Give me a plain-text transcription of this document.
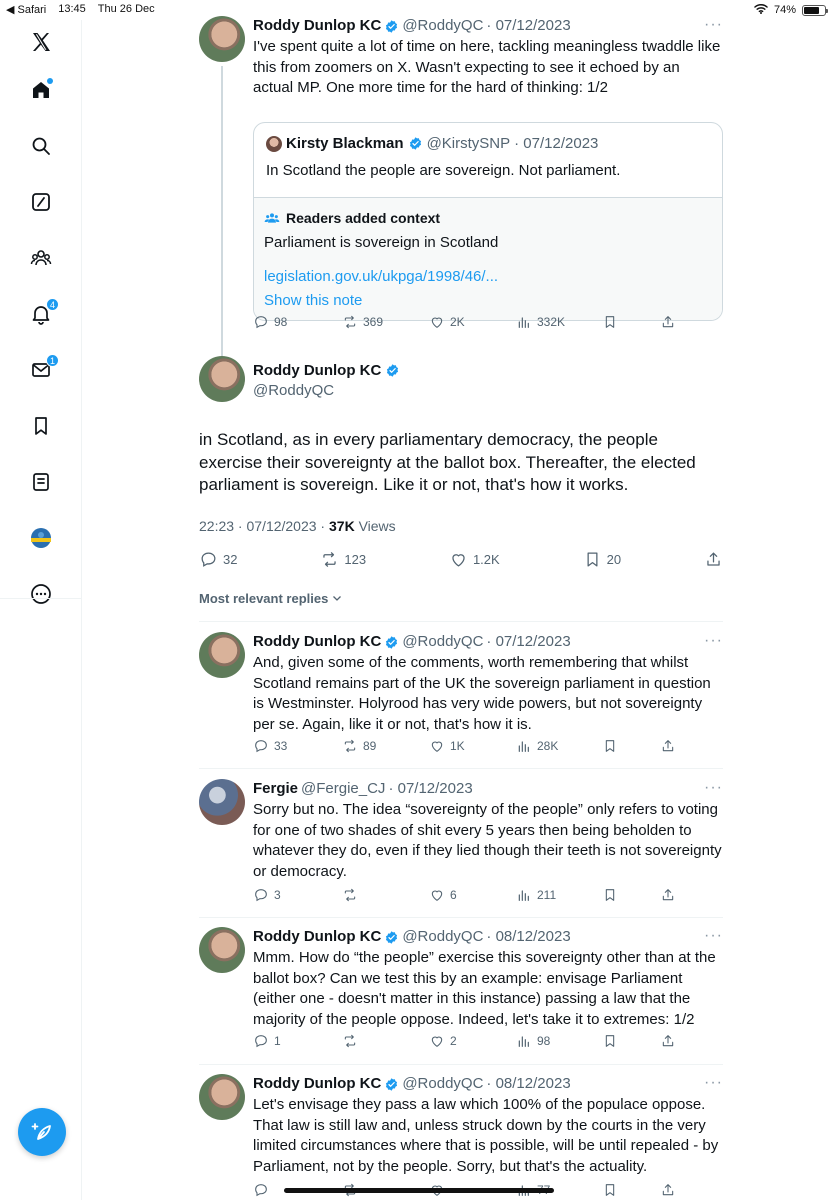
◀ Safari 13:45 Thu 26 Dec	74%
4
1
Roddy Dunlop KC @RoddyQC · 07/12/2023	···
I've spent quite a lot of time on here, tackling meaningless twaddle like this from zoomers on X. Wasn't expecting to see it echoed by an actual MP. One more time for the hard of thinking: 1/2
Kirsty Blackman @KirstySNP · 07/12/2023
In Scotland the people are sovereign. Not parliament.
Readers added context
Parliament is sovereign in Scotland
legislation.gov.uk/ukpga/1998/46/...
Show this note
98	369	2K	332K
Roddy Dunlop KC
@RoddyQC
in Scotland, as in every parliamentary democracy, the people exercise their sovereignty at the ballot box. Thereafter, the elected parliament is sovereign. Like it or not, that's how it works.
22:23 · 07/12/2023 · 37K Views
32	123	1.2K	20
Most relevant replies
Roddy Dunlop KC @RoddyQC · 07/12/2023	···
And, given some of the comments, worth remembering that whilst Scotland remains part of the UK the sovereign parliament in question is Westminster. Holyrood has very wide powers, but not sovereignty per se. Again, like it or not, that's how it is.
33	89	1K	28K
Fergie @Fergie_CJ · 07/12/2023	···
Sorry but no. The idea “sovereignty of the people” only refers to voting for one of two shades of shit every 5 years then being beholden to whatever they do, even if they lied though their teeth is not sovereignty or democracy.
3	6	211
Roddy Dunlop KC @RoddyQC · 08/12/2023	···
Mmm. How do “the people” exercise this sovereignty other than at the ballot box? Can we test this by an example: envisage Parliament (either one - doesn't matter in this instance) passing a law that the majority of the people oppose. Indeed, let's take it to extremes: 1/2
1	2	98
Roddy Dunlop KC @RoddyQC · 08/12/2023	···
Let's envisage they pass a law which 100% of the populace oppose. That law is still law and, unless struck down by the courts in the very limited circumstances where that is possible, will be until repealed - by Parliament, not by the people. Sorry, but that's the actuality.
